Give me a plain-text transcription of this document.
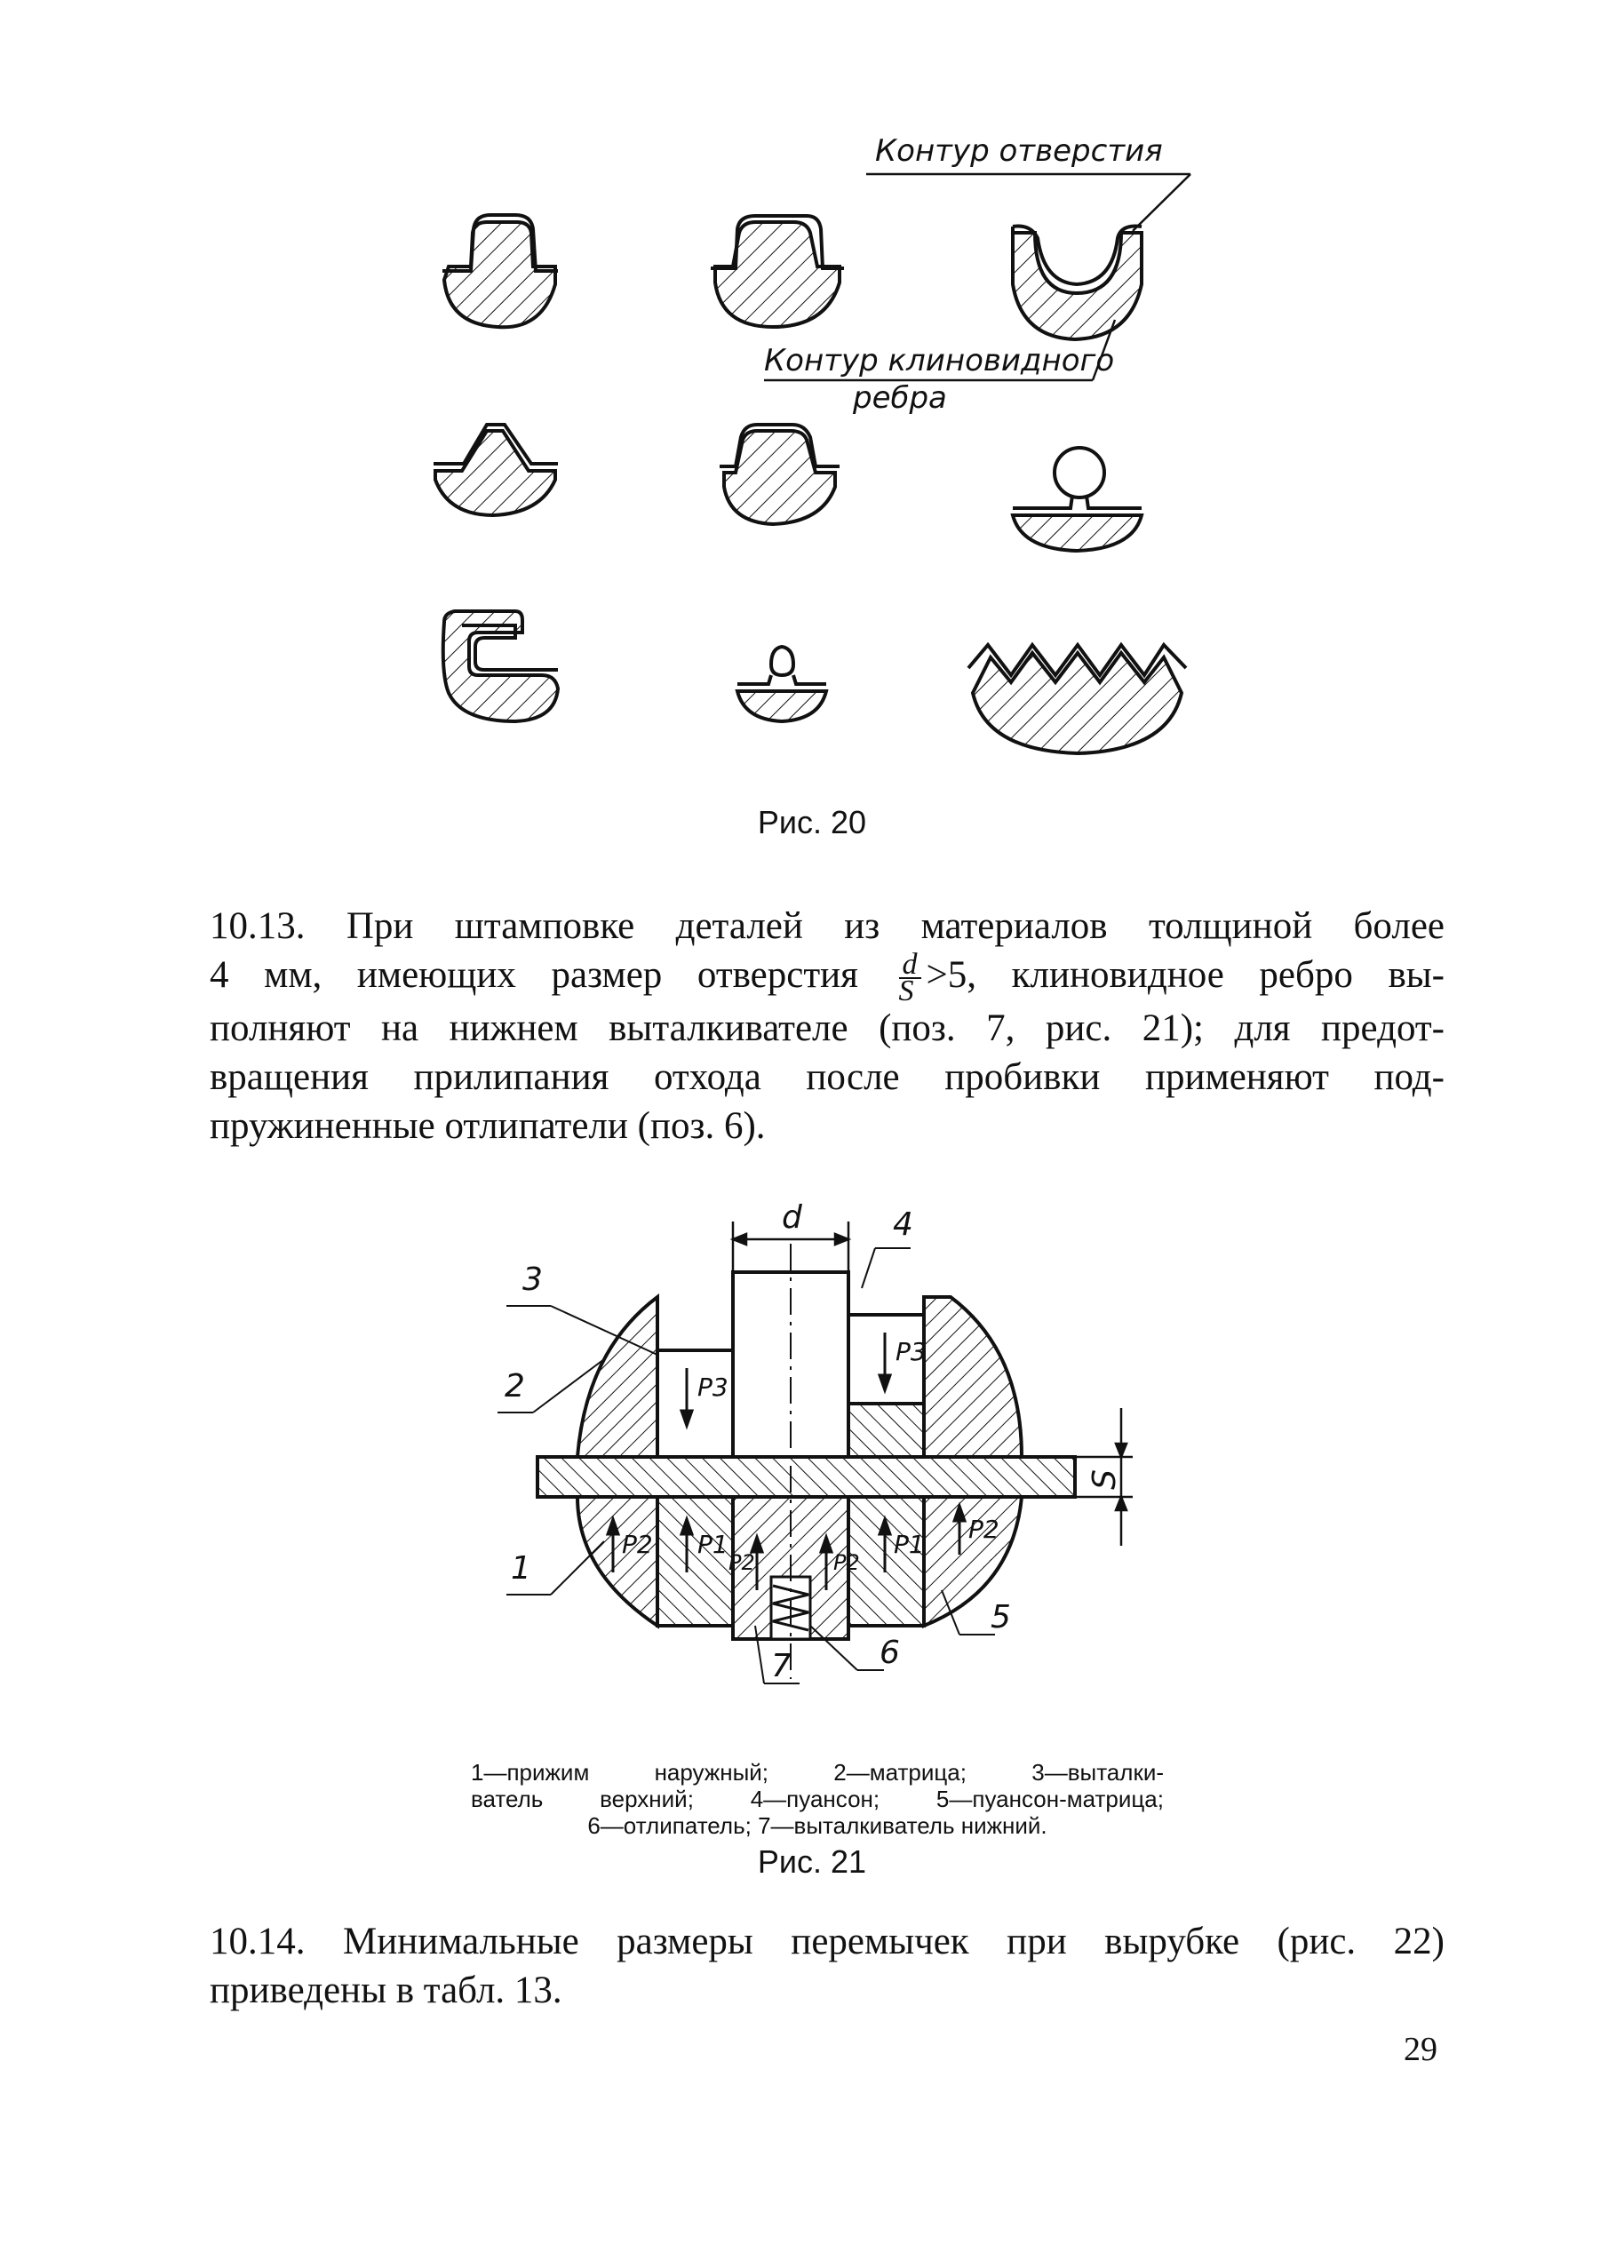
Контур отверстия
Контур клиновидного
ребра
Рис. 20
10.13. При штамповке деталей из материалов толщиной более
4 мм, имеющих размер отверстия $\frac{d}{S} >5$, клиновидное ребро вы-
полняют на нижнем выталкивателе (поз. 7, рис. 21); для предот-
вращения прилипания отхода после пробивки применяют под-
пружиненные отлипатели (поз. 6).
d
S
1
2
3
4
5
6
7
P3
P3
P2 P1
P2	P2
P1
P2
1—прижим наружный; 2—матрица; 3—выталки-
ватель верхний; 4—пуансон; 5—пуансон-матрица;
6—отлипатель; 7—выталкиватель нижний.
Рис. 21
10.14. Минимальные размеры перемычек при вырубке (рис. 22)
приведены в табл. 13.
29
